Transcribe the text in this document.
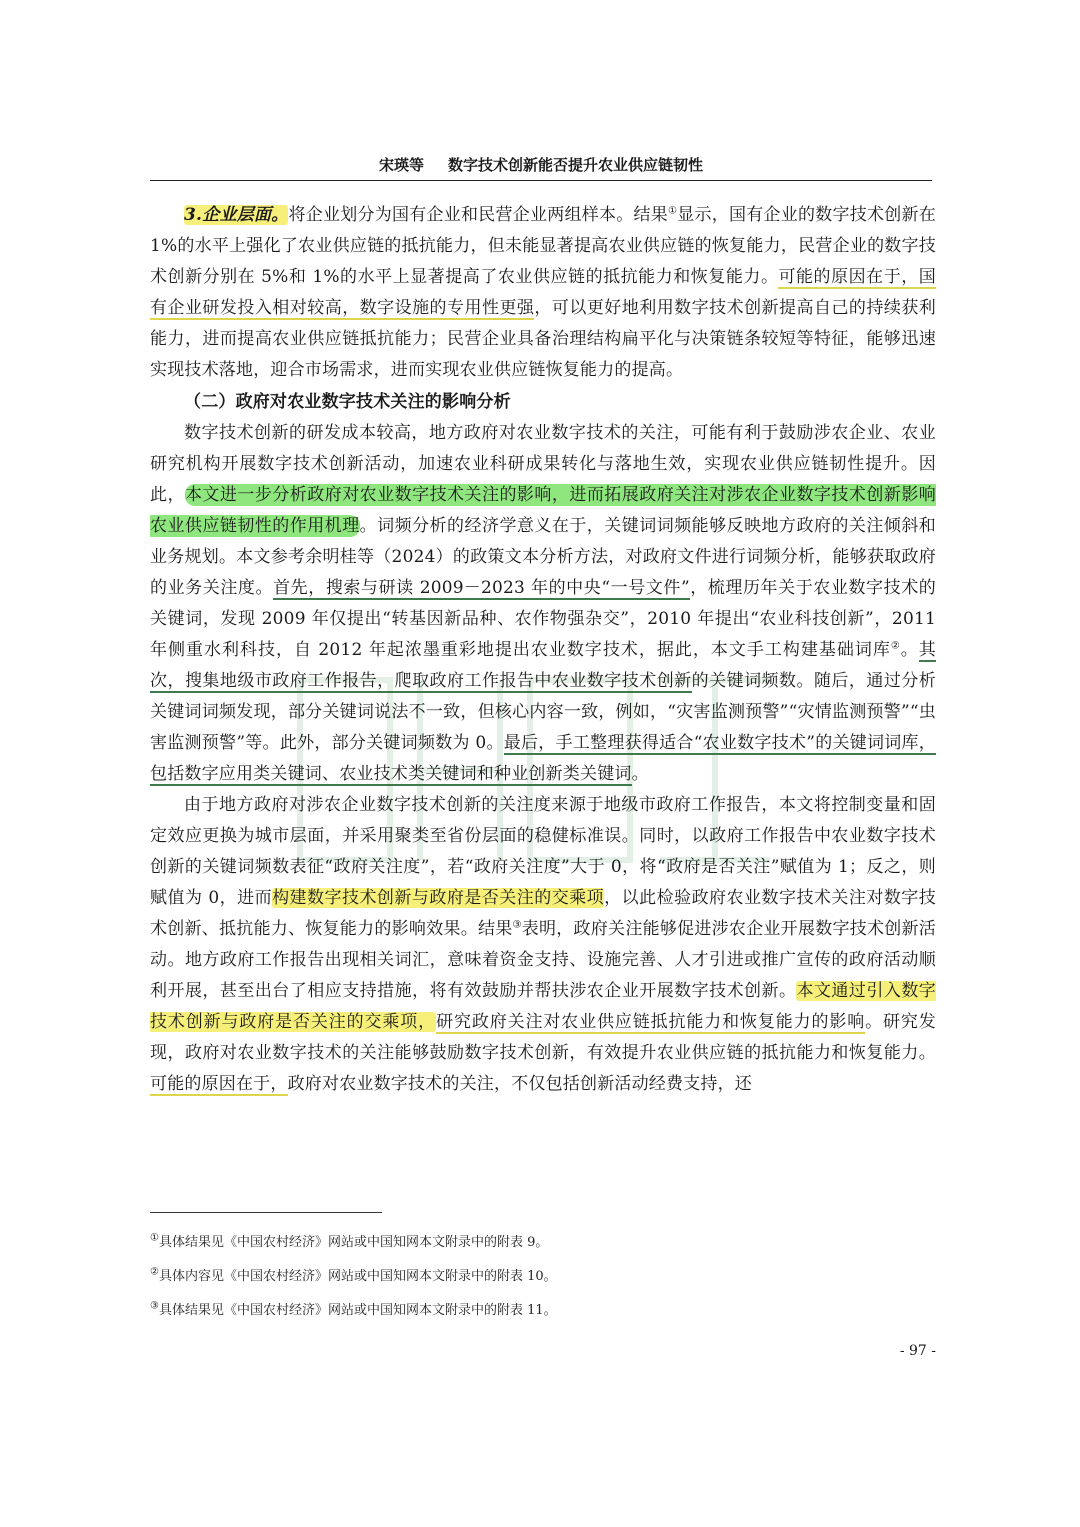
宋瑛等 数字技术创新能否提升农业供应链韧性

3.企业层面。将企业划分为国有企业和民营企业两组样本。结果①显示，国有企业的数字技术创新在 1%的水平上强化了农业供应链的抵抗能力，但未能显著提高农业供应链的恢复能力，民营企业的数字技术创新分别在 5%和 1%的水平上显著提高了农业供应链的抵抗能力和恢复能力。可能的原因在于，国有企业研发投入相对较高，数字设施的专用性更强，可以更好地利用数字技术创新提高自己的持续获利能力，进而提高农业供应链抵抗能力；民营企业具备治理结构扁平化与决策链条较短等特征，能够迅速实现技术落地，迎合市场需求，进而实现农业供应链恢复能力的提高。

（二）政府对农业数字技术关注的影响分析

数字技术创新的研发成本较高，地方政府对农业数字技术的关注，可能有利于鼓励涉农企业、农业研究机构开展数字技术创新活动，加速农业科研成果转化与落地生效，实现农业供应链韧性提升。因此，本文进一步分析政府对农业数字技术关注的影响，进而拓展政府关注对涉农企业数字技术创新影响农业供应链韧性的作用机理。词频分析的经济学意义在于，关键词词频能够反映地方政府的关注倾斜和业务规划。本文参考余明桂等（2024）的政策文本分析方法，对政府文件进行词频分析，能够获取政府的业务关注度。首先，搜索与研读 2009－2023 年的中央“一号文件”，梳理历年关于农业数字技术的关键词，发现 2009 年仅提出“转基因新品种、农作物强杂交”，2010 年提出“农业科技创新”，2011 年侧重水利科技，自 2012 年起浓墨重彩地提出农业数字技术，据此，本文手工构建基础词库②。其次，搜集地级市政府工作报告，爬取政府工作报告中农业数字技术创新的关键词频数。随后，通过分析关键词词频发现，部分关键词说法不一致，但核心内容一致，例如，“灾害监测预警”“灾情监测预警”“虫害监测预警”等。此外，部分关键词频数为 0。最后，手工整理获得适合“农业数字技术”的关键词词库，包括数字应用类关键词、农业技术类关键词和种业创新类关键词。

由于地方政府对涉农企业数字技术创新的关注度来源于地级市政府工作报告，本文将控制变量和固定效应更换为城市层面，并采用聚类至省份层面的稳健标准误。同时，以政府工作报告中农业数字技术创新的关键词频数表征“政府关注度”，若“政府关注度”大于 0，将“政府是否关注”赋值为 1；反之，则赋值为 0，进而构建数字技术创新与政府是否关注的交乘项，以此检验政府农业数字技术关注对数字技术创新、抵抗能力、恢复能力的影响效果。结果③表明，政府关注能够促进涉农企业开展数字技术创新活动。地方政府工作报告出现相关词汇，意味着资金支持、设施完善、人才引进或推广宣传的政府活动顺利开展，甚至出台了相应支持措施，将有效鼓励并帮扶涉农企业开展数字技术创新。本文通过引入数字技术创新与政府是否关注的交乘项，研究政府关注对农业供应链抵抗能力和恢复能力的影响。研究发现，政府对农业数字技术的关注能够鼓励数字技术创新，有效提升农业供应链的抵抗能力和恢复能力。可能的原因在于，政府对农业数字技术的关注，不仅包括创新活动经费支持，还

①具体结果见《中国农村经济》网站或中国知网本文附录中的附表 9。
②具体内容见《中国农村经济》网站或中国知网本文附录中的附表 10。
③具体结果见《中国农村经济》网站或中国知网本文附录中的附表 11。
- 97 -
